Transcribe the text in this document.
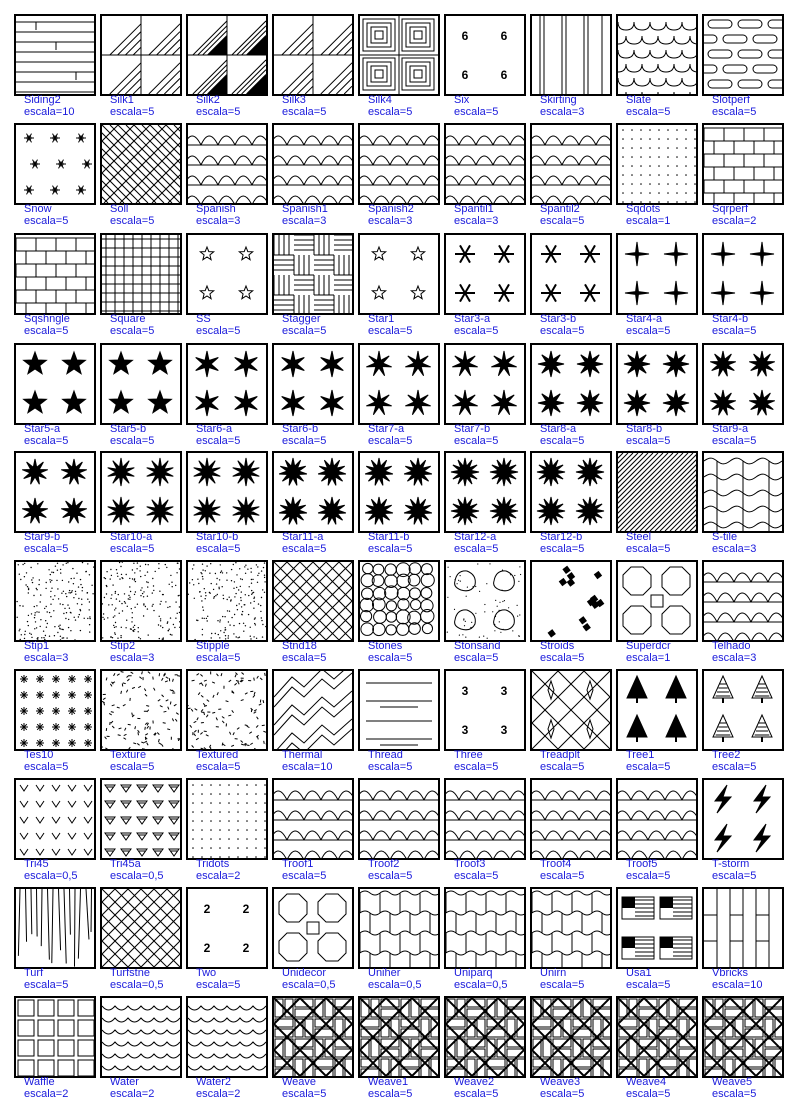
Siding2
escala=10
Silk1
escala=5
Silk2
escala=5
Silk3
escala=5
Silk4
escala=5
6	6
6	6
Six
escala=5
Skirting
escala=3
Slate
escala=5
Slotperf
escala=5
Snow
escala=5
Soll
escala=5
Spanish
escala=3
Spanish1
escala=3
Spanish2
escala=3
Spantil1
escala=3
Spantil2
escala=5
Sqdots
escala=1
Sqrperf
escala=2
Sqshngle
escala=5
Square
escala=5
SS
escala=5
Stagger
escala=5
Star1
escala=5
Star3-a
escala=5
Star3-b
escala=5
Star4-a
escala=5
Star4-b
escala=5
Star5-a
escala=5
Star5-b
escala=5
Star6-a
escala=5
Star6-b
escala=5
Star7-a
escala=5
Star7-b
escala=5
Star8-a
escala=5
Star8-b
escala=5
Star9-a
escala=5
Star9-b
escala=5
Star10-a
escala=5
Star10-b
escala=5
Star11-a
escala=5
Star11-b
escala=5
Star12-a
escala=5
Star12-b
escala=5
Steel
escala=5
S-tile
escala=3
Stip1
escala=3
Stip2
escala=3
Stipple
escala=5
Stnd18
escala=5
Stones
escala=5
Stonsand
escala=5
Stroids
escala=5
Superdcr
escala=1
Telhado
escala=3
Tes10
escala=5
Texture
escala=5
Textured
escala=5
Thermal
escala=10
Thread
escala=5
3	3
3	3
Three
escala=5
Treadplt
escala=5
Tree1
escala=5
Tree2
escala=5
Tri45
escala=0,5
Tri45a
escala=0,5
Tridots
escala=2
Troof1
escala=5
Troof2
escala=5
Troof3
escala=5
Troof4
escala=5
Troof5
escala=5
T-storm
escala=5
Turf
escala=5
Turfstne
escala=0,5
2	2
2	2
Two
escala=5
Unidecor
escala=0,5
Uniher
escala=0,5
Uniparq
escala=0,5
Unirn
escala=5
Usa1
escala=5
Vbricks
escala=10
Waffle
escala=2
Water
escala=2
Water2
escala=2
Weave
escala=5
Weave1
escala=5
Weave2
escala=5
Weave3
escala=5
Weave4
escala=5
Weave5
escala=5
